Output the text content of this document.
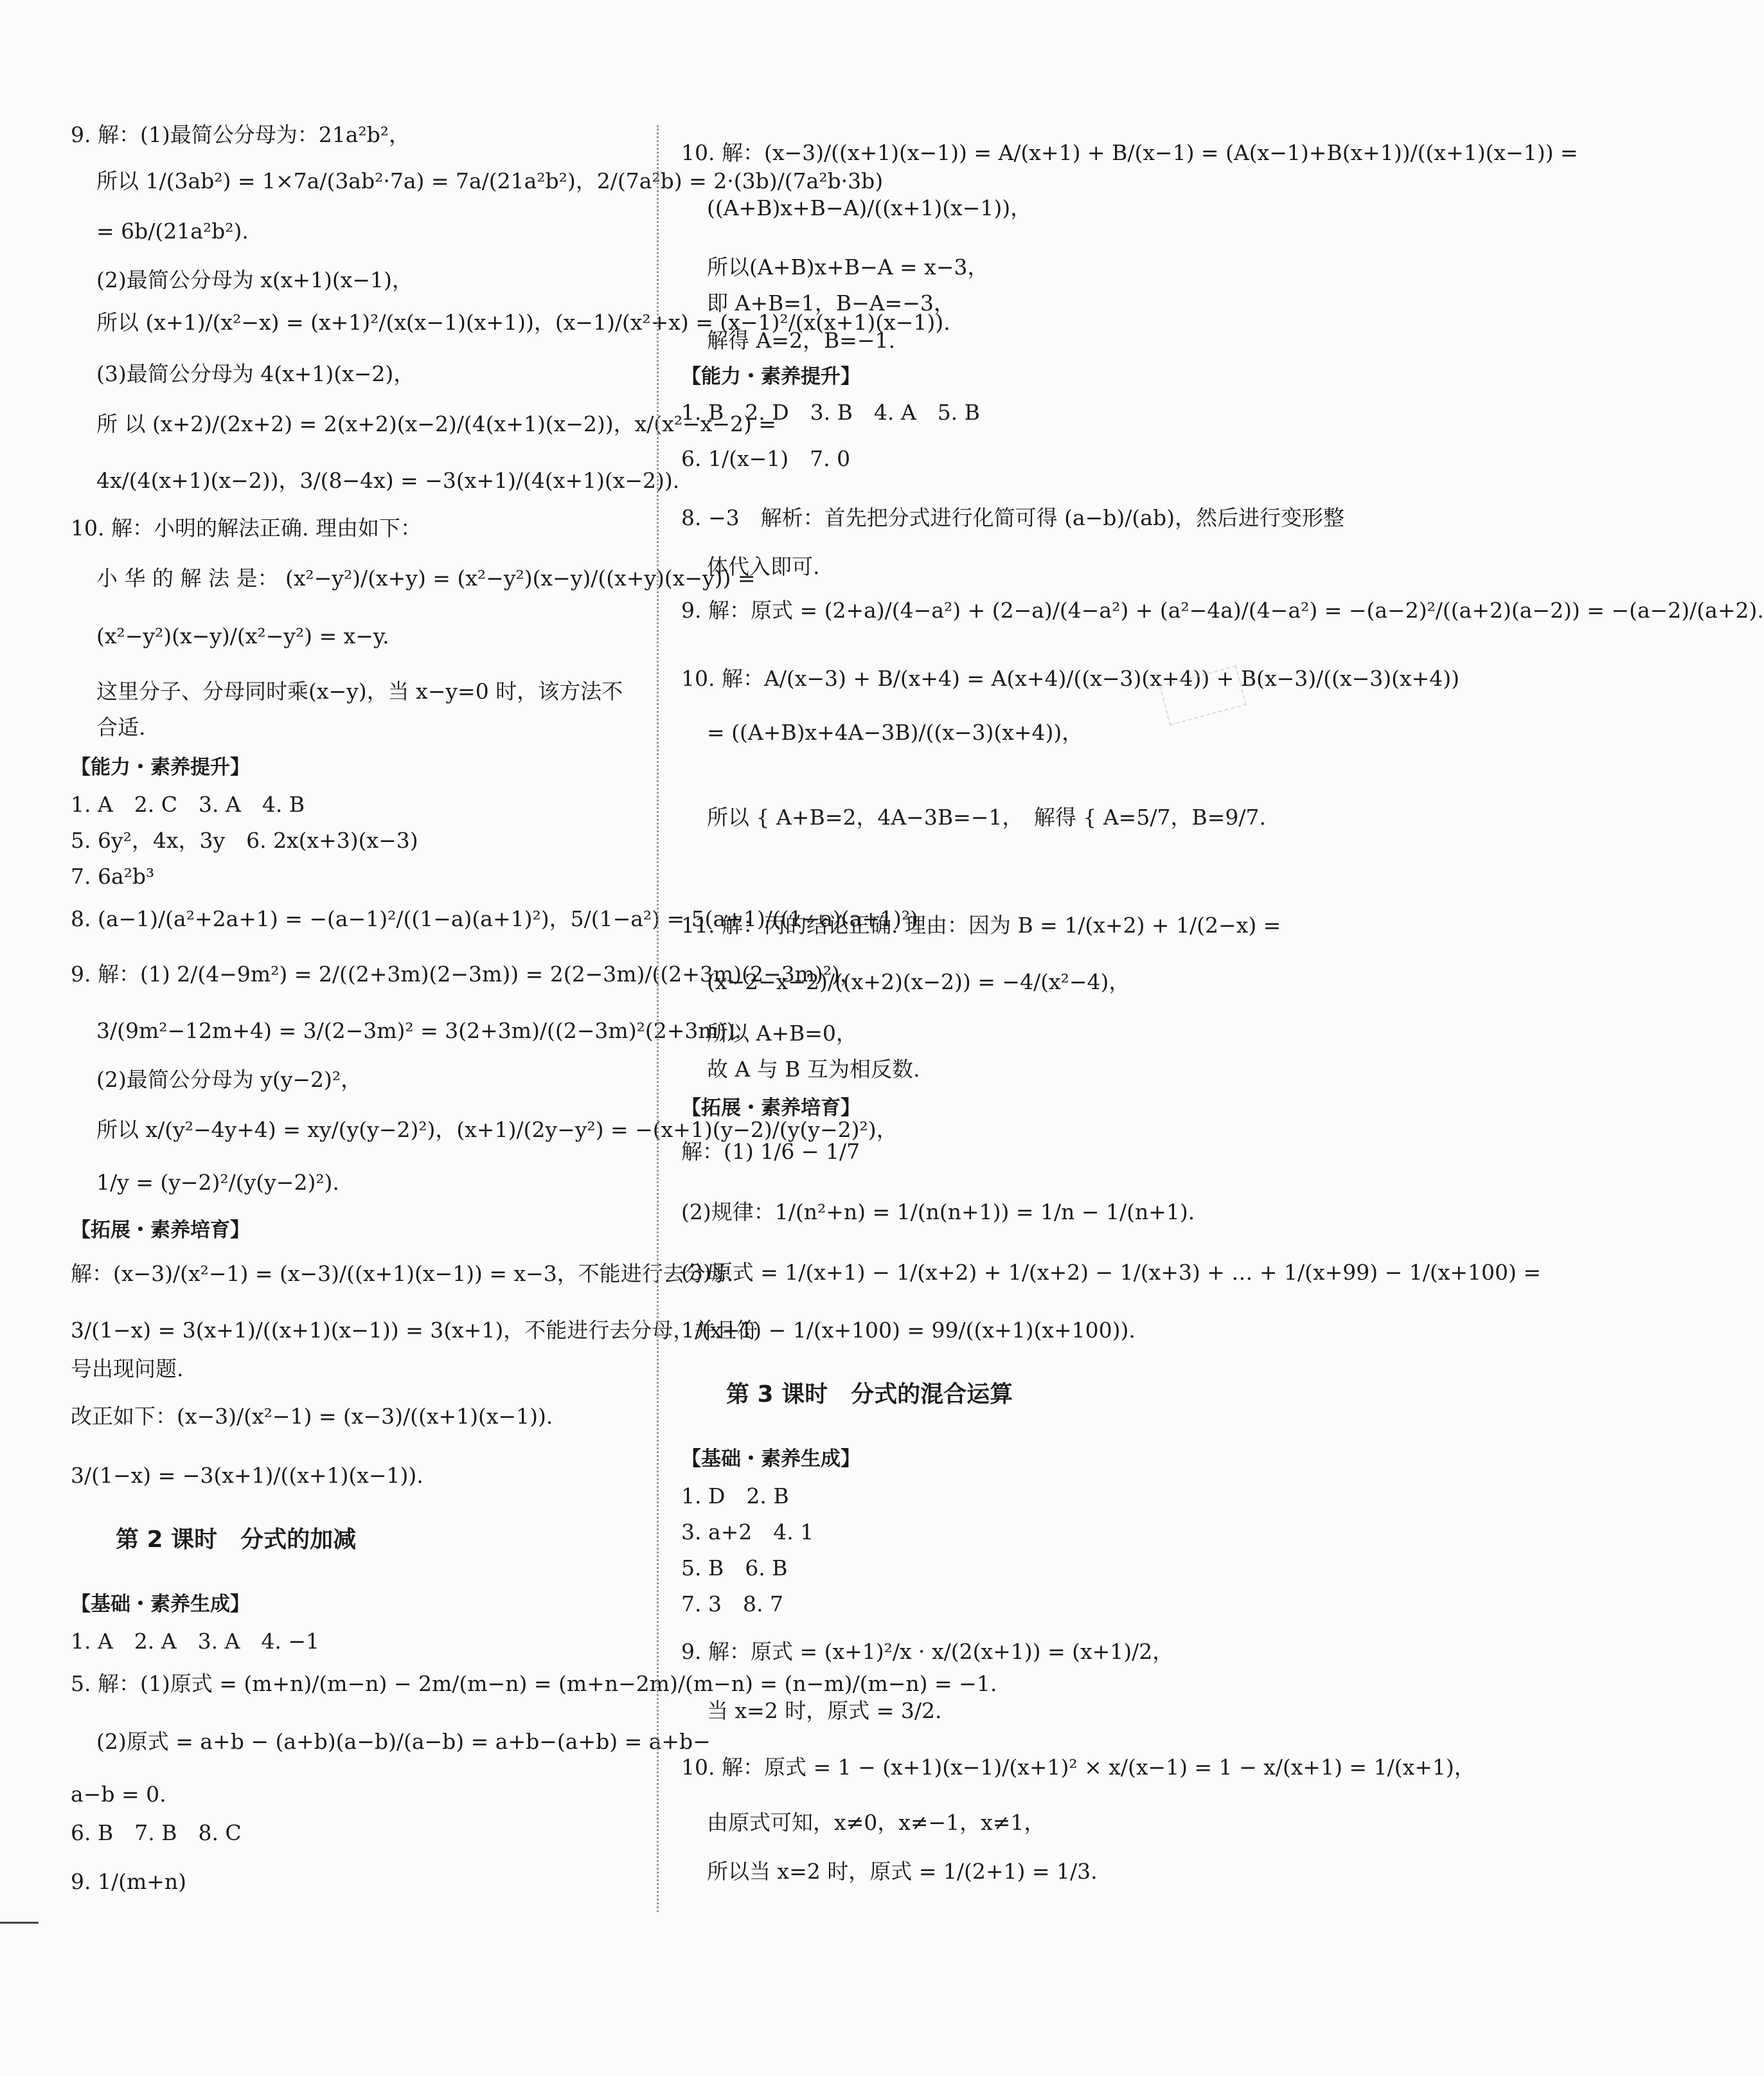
9. 解：(1)最简公分母为：21a²b²，
所以 1/(3ab²) = 1×7a/(3ab²·7a) = 7a/(21a²b²)，2/(7a²b) = 2·(3b)/(7a²b·3b)
= 6b/(21a²b²).
(2)最简公分母为 x(x+1)(x−1)，
所以 (x+1)/(x²−x) = (x+1)²/(x(x−1)(x+1))，(x−1)/(x²+x) = (x−1)²/(x(x+1)(x−1)).
(3)最简公分母为 4(x+1)(x−2)，
所 以 (x+2)/(2x+2) = 2(x+2)(x−2)/(4(x+1)(x−2))，x/(x²−x−2) =
4x/(4(x+1)(x−2))，3/(8−4x) = −3(x+1)/(4(x+1)(x−2)).
10. 解：小明的解法正确. 理由如下：
小 华 的 解 法 是： (x²−y²)/(x+y) = (x²−y²)(x−y)/((x+y)(x−y)) =
(x²−y²)(x−y)/(x²−y²) = x−y.
这里分子、分母同时乘(x−y)，当 x−y=0 时，该方法不
合适.
【能力・素养提升】
1. A　2. C　3. A　4. B
5. 6y²，4x，3y　6. 2x(x+3)(x−3)
7. 6a²b³
8. (a−1)/(a²+2a+1) = −(a−1)²/((1−a)(a+1)²)，5/(1−a²) = 5(a+1)/((1−a)(a+1)²)
9. 解：(1) 2/(4−9m²) = 2/((2+3m)(2−3m)) = 2(2−3m)/((2+3m)(2−3m)²)，
3/(9m²−12m+4) = 3/(2−3m)² = 3(2+3m)/((2−3m)²(2+3m)).
(2)最简公分母为 y(y−2)²，
所以 x/(y²−4y+4) = xy/(y(y−2)²)，(x+1)/(2y−y²) = −(x+1)(y−2)/(y(y−2)²)，
1/y = (y−2)²/(y(y−2)²).
【拓展・素养培育】
解：(x−3)/(x²−1) = (x−3)/((x+1)(x−1)) = x−3，不能进行去分母.
3/(1−x) = 3(x+1)/((x+1)(x−1)) = 3(x+1)，不能进行去分母，并且符
号出现问题.
改正如下：(x−3)/(x²−1) = (x−3)/((x+1)(x−1)).
3/(1−x) = −3(x+1)/((x+1)(x−1)).
第 2 课时　分式的加减
【基础・素养生成】
1. A　2. A　3. A　4. −1
5. 解：(1)原式 = (m+n)/(m−n) − 2m/(m−n) = (m+n−2m)/(m−n) = (n−m)/(m−n) = −1.
(2)原式 = a+b − (a+b)(a−b)/(a−b) = a+b−(a+b) = a+b−
a−b = 0.
6. B　7. B　8. C
9. 1/(m+n)
10. 解：(x−3)/((x+1)(x−1)) = A/(x+1) + B/(x−1) = (A(x−1)+B(x+1))/((x+1)(x−1)) =
((A+B)x+B−A)/((x+1)(x−1))，
所以(A+B)x+B−A = x−3，
即 A+B=1，B−A=−3，
解得 A=2，B=−1.
【能力・素养提升】
1. B　2. D　3. B　4. A　5. B
6. 1/(x−1)　7. 0
8. −3　解析：首先把分式进行化简可得 (a−b)/(ab)，然后进行变形整
体代入即可.
9. 解：原式 = (2+a)/(4−a²) + (2−a)/(4−a²) + (a²−4a)/(4−a²) = −(a−2)²/((a+2)(a−2)) = −(a−2)/(a+2).
10. 解：A/(x−3) + B/(x+4) = A(x+4)/((x−3)(x+4)) + B(x−3)/((x−3)(x+4))
= ((A+B)x+4A−3B)/((x−3)(x+4))，
所以 { A+B=2，4A−3B=−1，　解得 { A=5/7，B=9/7.
11. 解：丙的结论正确. 理由：因为 B = 1/(x+2) + 1/(2−x) =
(x−2−x−2)/((x+2)(x−2)) = −4/(x²−4)，
所以 A+B=0，
故 A 与 B 互为相反数.
【拓展・素养培育】
解：(1) 1/6 − 1/7
(2)规律：1/(n²+n) = 1/(n(n+1)) = 1/n − 1/(n+1).
(3)原式 = 1/(x+1) − 1/(x+2) + 1/(x+2) − 1/(x+3) + … + 1/(x+99) − 1/(x+100) =
1/(x+1) − 1/(x+100) = 99/((x+1)(x+100)).
第 3 课时　分式的混合运算
【基础・素养生成】
1. D　2. B
3. a+2　4. 1
5. B　6. B
7. 3　8. 7
9. 解：原式 = (x+1)²/x · x/(2(x+1)) = (x+1)/2，
当 x=2 时，原式 = 3/2.
10. 解：原式 = 1 − (x+1)(x−1)/(x+1)² × x/(x−1) = 1 − x/(x+1) = 1/(x+1)，
由原式可知，x≠0，x≠−1，x≠1，
所以当 x=2 时，原式 = 1/(2+1) = 1/3.
